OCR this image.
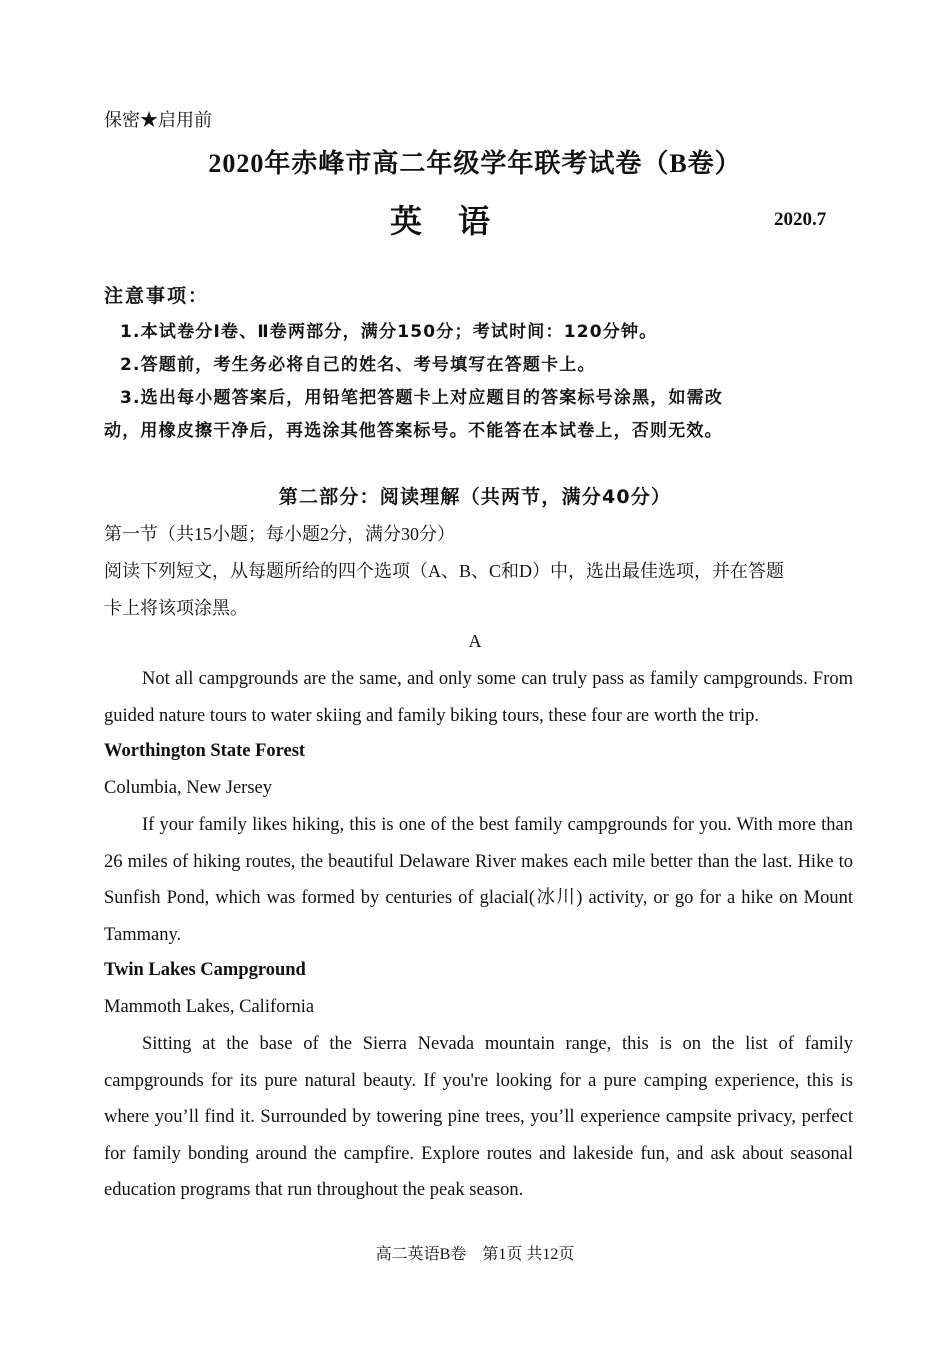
保密★启用前
2020年赤峰市高二年级学年联考试卷（B卷）
英　语	2020.7
注意事项：
1.本试卷分Ⅰ卷、Ⅱ卷两部分，满分150分；考试时间：120分钟。
2.答题前，考生务必将自己的姓名、考号填写在答题卡上。
3.选出每小题答案后，用铅笔把答题卡上对应题目的答案标号涂黑，如需改
动，用橡皮擦干净后，再选涂其他答案标号。不能答在本试卷上，否则无效。
第二部分：阅读理解（共两节，满分40分）
第一节（共15小题；每小题2分，满分30分）
阅读下列短文，从每题所给的四个选项（A、B、C和D）中，选出最佳选项，并在答题
卡上将该项涂黑。
A

Not all campgrounds are the same, and only some can truly pass as family campgrounds. From guided nature tours to water skiing and family biking tours, these four are worth the trip.

Worthington State Forest
Columbia, New Jersey

If your family likes hiking, this is one of the best family campgrounds for you. With more than 26 miles of hiking routes, the beautiful Delaware River makes each mile better than the last. Hike to Sunfish Pond, which was formed by centuries of glacial(冰川) activity, or go for a hike on Mount Tammany.

Twin Lakes Campground
Mammoth Lakes, California

Sitting at the base of the Sierra Nevada mountain range, this is on the list of family campgrounds for its pure natural beauty. If you're looking for a pure camping experience, this is where you’ll find it. Surrounded by towering pine trees, you’ll experience campsite privacy, perfect for family bonding around the campfire. Explore routes and lakeside fun, and ask about seasonal education programs that run throughout the peak season.

高二英语B卷 第1页 共12页
